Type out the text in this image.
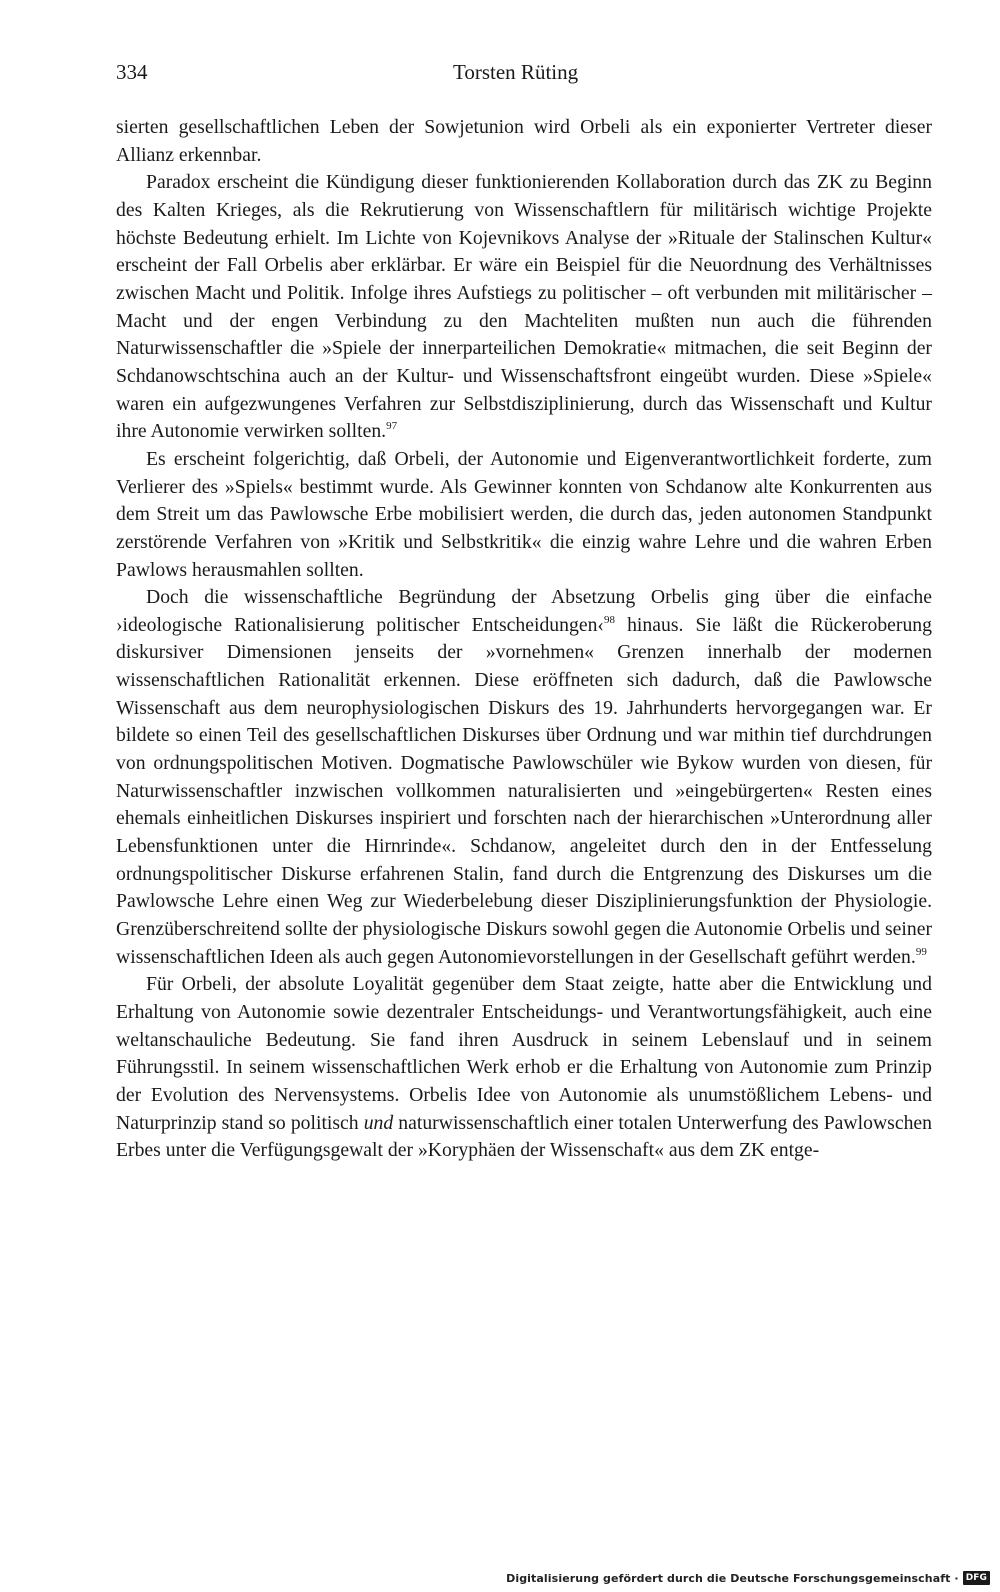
334	Torsten Rüting

sierten gesellschaftlichen Leben der Sowjetunion wird Orbeli als ein exponierter Vertreter dieser Allianz erkennbar.

Paradox erscheint die Kündigung dieser funktionierenden Kollaboration durch das ZK zu Beginn des Kalten Krieges, als die Rekrutierung von Wissenschaftlern für militärisch wichtige Projekte höchste Bedeutung erhielt. Im Lichte von Kojevnikovs Analyse der »Rituale der Stalinschen Kultur« erscheint der Fall Orbelis aber erklärbar. Er wäre ein Beispiel für die Neuordnung des Verhältnisses zwischen Macht und Politik. Infolge ihres Aufstiegs zu politischer – oft verbunden mit militärischer – Macht und der engen Verbindung zu den Machteliten mußten nun auch die führenden Naturwissenschaftler die »Spiele der innerparteilichen Demokratie« mitmachen, die seit Beginn der Schdanowschtschina auch an der Kultur- und Wissenschaftsfront eingeübt wurden. Diese »Spiele« waren ein aufgezwungenes Verfahren zur Selbstdisziplinierung, durch das Wissenschaft und Kultur ihre Autonomie verwirken sollten.$^{97}$

Es erscheint folgerichtig, daß Orbeli, der Autonomie und Eigenverantwortlichkeit forderte, zum Verlierer des »Spiels« bestimmt wurde. Als Gewinner konnten von Schdanow alte Konkurrenten aus dem Streit um das Pawlowsche Erbe mobilisiert werden, die durch das, jeden autonomen Standpunkt zerstörende Verfahren von »Kritik und Selbstkritik« die einzig wahre Lehre und die wahren Erben Pawlows herausmahlen sollten.

Doch die wissenschaftliche Begründung der Absetzung Orbelis ging über die einfache ›ideologische Rationalisierung politischer Entscheidungen‹$^{98}$ hinaus. Sie läßt die Rückeroberung diskursiver Dimensionen jenseits der »vornehmen« Grenzen innerhalb der modernen wissenschaftlichen Rationalität erkennen. Diese eröffneten sich dadurch, daß die Pawlowsche Wissenschaft aus dem neurophysiologischen Diskurs des 19. Jahrhunderts hervorgegangen war. Er bildete so einen Teil des gesellschaftlichen Diskurses über Ordnung und war mithin tief durchdrungen von ordnungspolitischen Motiven. Dogmatische Pawlowschüler wie Bykow wurden von diesen, für Naturwissenschaftler inzwischen vollkommen naturalisierten und »eingebürgerten« Resten eines ehemals einheitlichen Diskurses inspiriert und forschten nach der hierarchischen »Unterordnung aller Lebensfunktionen unter die Hirnrinde«. Schdanow, angeleitet durch den in der Entfesselung ordnungspolitischer Diskurse erfahrenen Stalin, fand durch die Entgrenzung des Diskurses um die Pawlowsche Lehre einen Weg zur Wiederbelebung dieser Disziplinierungsfunktion der Physiologie. Grenzüberschreitend sollte der physiologische Diskurs sowohl gegen die Autonomie Orbelis und seiner wissenschaftlichen Ideen als auch gegen Autonomievorstellungen in der Gesellschaft geführt werden.$^{99}$

Für Orbeli, der absolute Loyalität gegenüber dem Staat zeigte, hatte aber die Entwicklung und Erhaltung von Autonomie sowie dezentraler Entscheidungs- und Verantwortungsfähigkeit, auch eine weltanschauliche Bedeutung. Sie fand ihren Ausdruck in seinem Lebenslauf und in seinem Führungsstil. In seinem wissenschaftlichen Werk erhob er die Erhaltung von Autonomie zum Prinzip der Evolution des Nervensystems. Orbelis Idee von Autonomie als unumstößlichem Lebens- und Naturprinzip stand so politisch und naturwissenschaftlich einer totalen Unterwerfung des Pawlowschen Erbes unter die Verfügungsgewalt der »Koryphäen der Wissenschaft« aus dem ZK entge-

Digitalisierung gefördert durch die Deutsche Forschungsgemeinschaft · DFG
